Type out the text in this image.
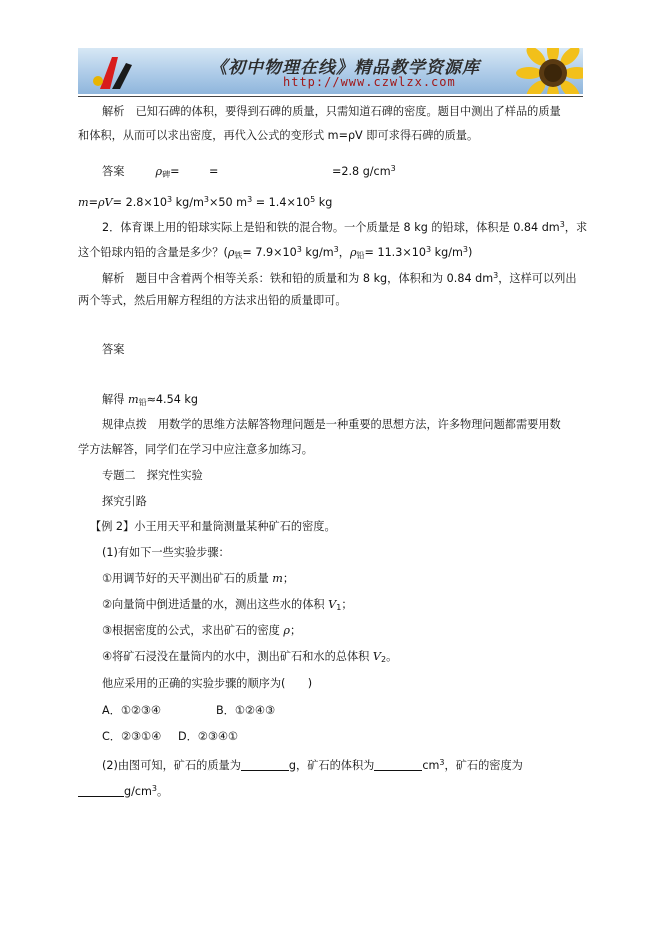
《初中物理在线》精品教学资源库
http://www.czwlzx.com
解析　 已知石碑的体积，要得到石碑的质量，只需知道石碑的密度。题目中测出了样品的质量
和体积，从而可以求出密度，再代入公式的变形式 m=ρV 即可求得石碑的质量。
答案	$\rho_碑=$	=	=2.8 $g/cm^3$
$m=\rho V= 2.8\times 10^3$ $kg/m^3\times 50$ $m^3 = 1.4\times 10^5$ kg
2．体育课上用的铅球实际上是铅和铁的混合物。一个质量是 8 kg 的铅球，体积是 0.84 $dm^3$，求
这个铅球内铅的含量是多少？($\rho_铁= 7.9\times 10^3$ $kg/m^3$，$\rho_铅= 11.3\times 10^3$ $kg/m^3$)
解析　 题目中含着两个相等关系：铁和铅的质量和为 8 kg，体积和为 0.84 $dm^3$，这样可以列出
两个等式，然后用解方程组的方法求出铅的质量即可。
答案
解得 $m_铅\approx 4.54$ kg
规律点拨　 用数学的思维方法解答物理问题是一种重要的思想方法，许多物理问题都需要用数
学方法解答，同学们在学习中应注意多加练习。
专题二　探究性实验
探究引路
【例 2】小王用天平和量筒测量某种矿石的密度。
(1)有如下一些实验步骤：
①用调节好的天平测出矿石的质量 m；
②向量筒中倒进适量的水，测出这些水的体积 $V_1$；
③根据密度的公式，求出矿石的密度 ρ；
④将矿石浸没在量筒内的水中，测出矿石和水的总体积 $V_2$。
他应采用的正确的实验步骤的顺序为(　　)
A．①②③④	B．①②④③
C．②③①④ D．②③④①
(2)由图可知，矿石的质量为	g，矿石的体积为	$cm^3$，矿石的密度为
$g/cm^3$。
